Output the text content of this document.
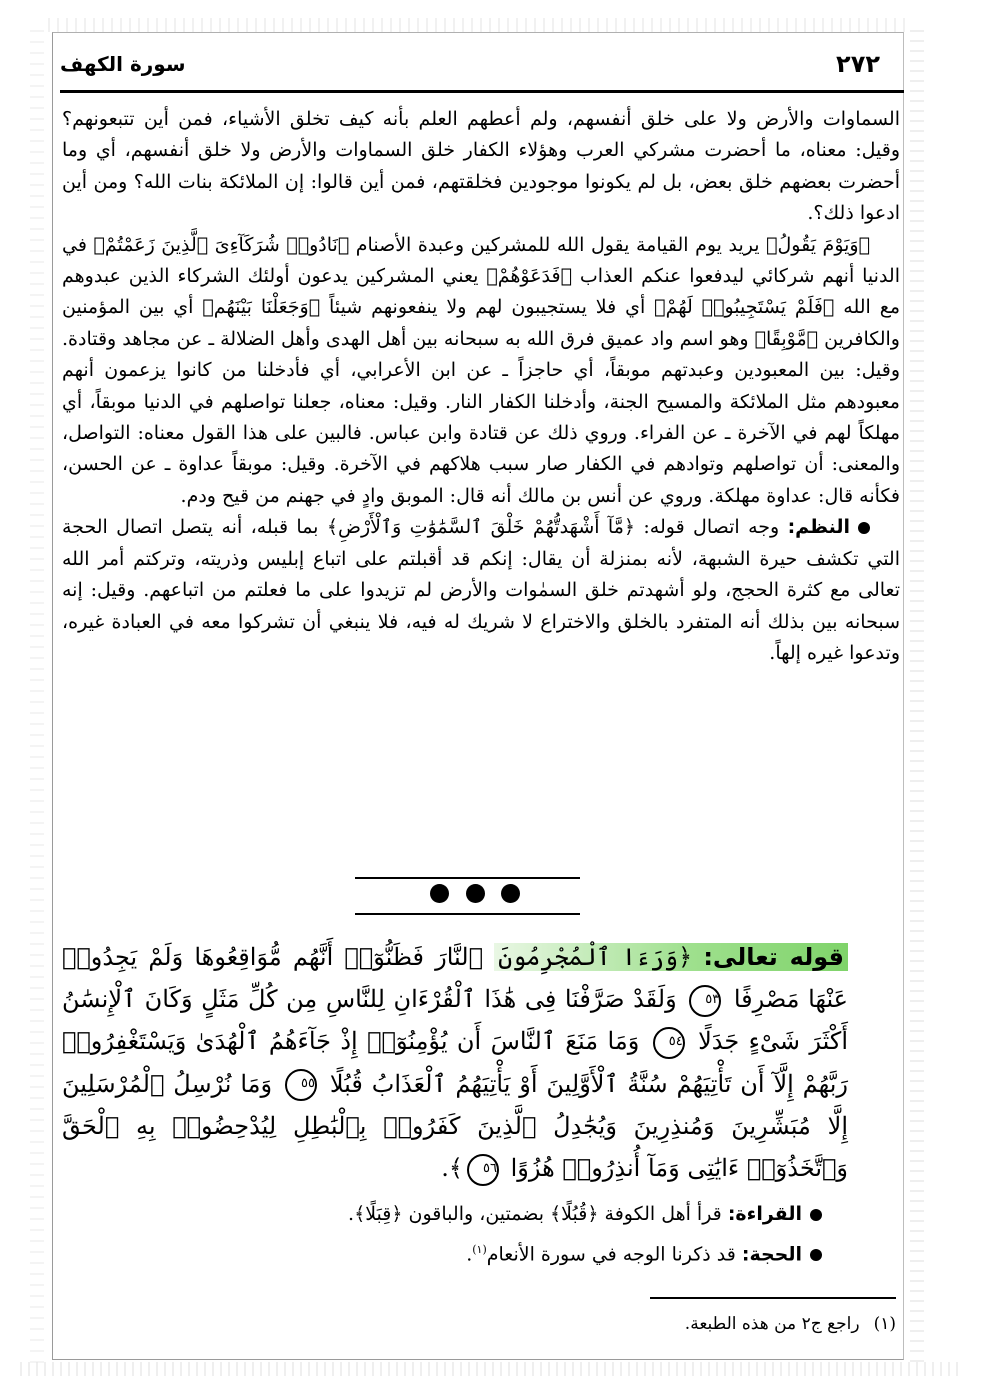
٢٧٢
سورة الكهف

السماوات والأرض ولا على خلق أنفسهم، ولم أعطهم العلم بأنه كيف تخلق الأشياء، فمن أين تتبعونهم؟ وقيل: معناه، ما أحضرت مشركي العرب وهؤلاء الكفار خلق السماوات والأرض ولا خلق أنفسهم، أي وما أحضرت بعضهم خلق بعض، بل لم يكونوا موجودين فخلقتهم، فمن أين قالوا: إن الملائكة بنات الله؟ ومن أين ادعوا ذلك؟.

﴿وَيَوْمَ يَقُولُ﴾ يريد يوم القيامة يقول الله للمشركين وعبدة الأصنام ﴿نَادُوا۟ شُرَكَآءِىَ ٱلَّذِينَ زَعَمْتُمْ﴾ في الدنيا أنهم شركائي ليدفعوا عنكم العذاب ﴿فَدَعَوْهُمْ﴾ يعني المشركين يدعون أولئك الشركاء الذين عبدوهم مع الله ﴿فَلَمْ يَسْتَجِيبُوا۟ لَهُمْ﴾ أي فلا يستجيبون لهم ولا ينفعونهم شيئاً ﴿وَجَعَلْنَا بَيْنَهُم﴾ أي بين المؤمنين والكافرين ﴿مَّوْبِقًا﴾ وهو اسم واد عميق فرق الله به سبحانه بين أهل الهدى وأهل الضلالة ـ عن مجاهد وقتادة. وقيل: بين المعبودين وعبدتهم موبقاً، أي حاجزاً ـ عن ابن الأعرابي، أي فأدخلنا من كانوا يزعمون أنهم معبودهم مثل الملائكة والمسيح الجنة، وأدخلنا الكفار النار. وقيل: معناه، جعلنا تواصلهم في الدنيا موبقاً، أي مهلكاً لهم في الآخرة ـ عن الفراء. وروي ذلك عن قتادة وابن عباس. فالبين على هذا القول معناه: التواصل، والمعنى: أن تواصلهم وتوادهم في الكفار صار سبب هلاكهم في الآخرة. وقيل: موبقاً عداوة ـ عن الحسن، فكأنه قال: عداوة مهلكة. وروي عن أنس بن مالك أنه قال: الموبق وادٍ في جهنم من قيح ودم.

النظم: وجه اتصال قوله: ﴿مَّآ أَشْهَدتُّهُمْ خَلْقَ ٱلسَّمَٰوَٰتِ وَٱلْأَرْضِ﴾ بما قبله، أنه يتصل اتصال الحجة التي تكشف حيرة الشبهة، لأنه بمنزلة أن يقال: إنكم قد أقبلتم على اتباع إبليس وذريته، وتركتم أمر الله تعالى مع كثرة الحجج، ولو أشهدتم خلق السمٰوات والأرض لم تزيدوا على ما فعلتم من اتباعهم. وقيل: إنه سبحانه بين بذلك أنه المتفرد بالخلق والاختراع لا شريك له فيه، فلا ينبغي أن تشركوا معه في العبادة غيره، وتدعوا غيره إلهاً.

قوله تعالى: ﴿وَرَءَا ٱلْمُجْرِمُونَ ٱلنَّارَ فَظَنُّوٓا۟ أَنَّهُم مُّوَاقِعُوهَا وَلَمْ يَجِدُوا۟ عَنْهَا مَصْرِفًا ٥٣ وَلَقَدْ صَرَّفْنَا فِى هَٰذَا ٱلْقُرْءَانِ لِلنَّاسِ مِن كُلِّ مَثَلٍ وَكَانَ ٱلْإِنسَٰنُ أَكْثَرَ شَىْءٍ جَدَلًا ٥٤ وَمَا مَنَعَ ٱلنَّاسَ أَن يُؤْمِنُوٓا۟ إِذْ جَآءَهُمُ ٱلْهُدَىٰ وَيَسْتَغْفِرُوا۟ رَبَّهُمْ إِلَّآ أَن تَأْتِيَهُمْ سُنَّةُ ٱلْأَوَّلِينَ أَوْ يَأْتِيَهُمُ ٱلْعَذَابُ قُبُلًا ٥٥ وَمَا نُرْسِلُ ٱلْمُرْسَلِينَ إِلَّا مُبَشِّرِينَ وَمُنذِرِينَ وَيُجَٰدِلُ ٱلَّذِينَ كَفَرُوا۟ بِٱلْبَٰطِلِ لِيُدْحِضُوا۟ بِهِ ٱلْحَقَّ وَٱتَّخَذُوٓا۟ ءَايَٰتِى وَمَآ أُنذِرُوا۟ هُزُوًا ٥٦﴾.

القراءة: قرأ أهل الكوفة ﴿قُبُلًا﴾ بضمتين، والباقون ﴿قِبَلًا﴾.

الحجة: قد ذكرنا الوجه في سورة الأنعام$^{(١)}$.

(١)راجع ج٢ من هذه الطبعة.
